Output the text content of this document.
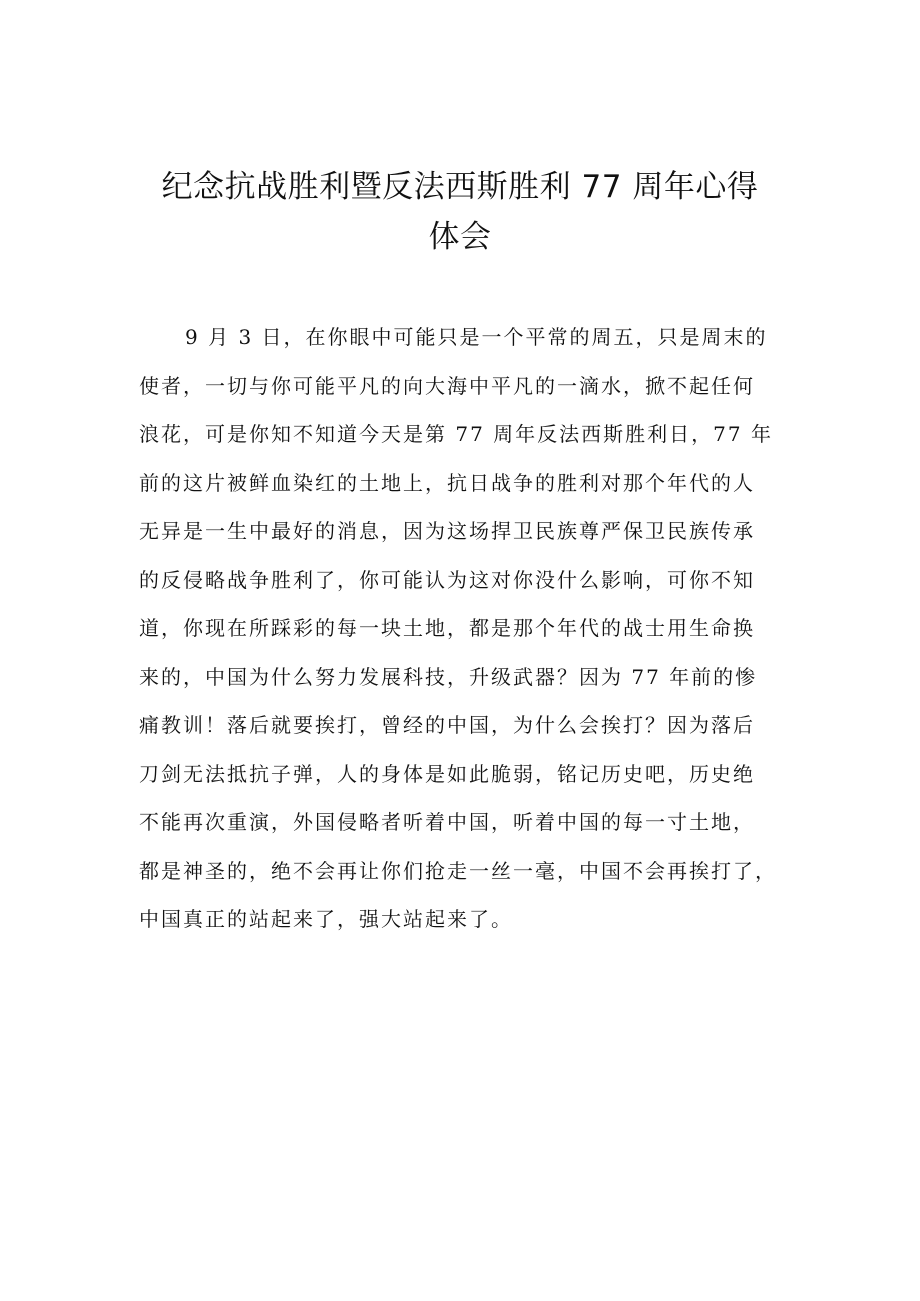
纪念抗战胜利暨反法西斯胜利 77 周年心得
体会
9 月 3 日，在你眼中可能只是一个平常的周五，只是周末的
使者，一切与你可能平凡的向大海中平凡的一滴水，掀不起任何
浪花，可是你知不知道今天是第 77 周年反法西斯胜利日，77 年
前的这片被鲜血染红的土地上，抗日战争的胜利对那个年代的人
无异是一生中最好的消息，因为这场捍卫民族尊严保卫民族传承
的反侵略战争胜利了，你可能认为这对你没什么影响，可你不知
道，你现在所踩彩的每一块土地，都是那个年代的战士用生命换
来的，中国为什么努力发展科技，升级武器？因为 77 年前的惨
痛教训！落后就要挨打，曾经的中国，为什么会挨打？因为落后
刀剑无法抵抗子弹，人的身体是如此脆弱，铭记历史吧，历史绝
不能再次重演，外国侵略者听着中国，听着中国的每一寸土地，
都是神圣的，绝不会再让你们抢走一丝一毫，中国不会再挨打了，
中国真正的站起来了，强大站起来了。
